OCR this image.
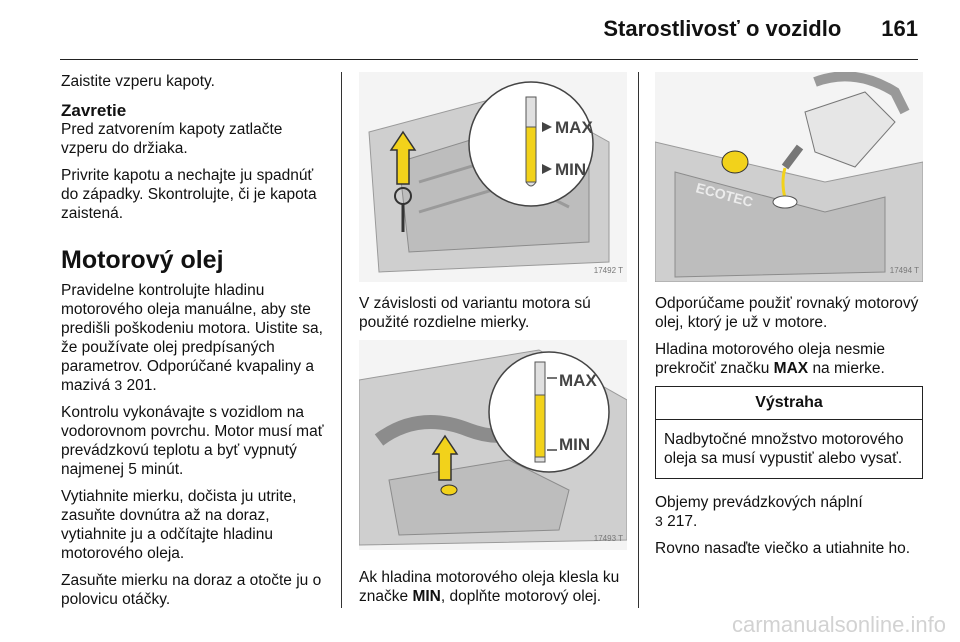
Starostlivosť o vozidlo 161

Zaistite vzperu kapoty.

Zavretie

Pred zatvorením kapoty zatlačte vzperu do držiaka.

Privrite kapotu a nechajte ju spadnúť do západky. Skontrolujte, či je kapota zaistená.

Motorový olej

Pravidelne kontrolujte hladinu motorového oleja manuálne, aby ste predišli poškodeniu motora. Uistite sa, že používate olej predpísaných parametrov. Odporúčané kvapaliny a mazivá 3 201.

Kontrolu vykonávajte s vozidlom na vodorovnom povrchu. Motor musí mať prevádzkovú teplotu a byť vypnutý najmenej 5 minút.

Vytiahnite mierku, dočista ju utrite, zasuňte dovnútra až na doraz, vytiahnite ju a odčítajte hladinu motorového oleja.

Zasuňte mierku na doraz a otočte ju o polovicu otáčky.

MAX
MIN
17492 T

V závislosti od variantu motora sú použité rozdielne mierky.

MAX
MIN
17493 T

Ak hladina motorového oleja klesla ku značke MIN, doplňte motorový olej.

ECOTEC
17494 T

Odporúčame použiť rovnaký motorový olej, ktorý je už v motore.

Hladina motorového oleja nesmie prekročiť značku MAX na mierke.

Výstraha
Nadbytočné množstvo motorového oleja sa musí vypustiť alebo vysať.

Objemy prevádzkových náplní
3 217.

Rovno nasaďte viečko a utiahnite ho.

carmanualsonline.info
